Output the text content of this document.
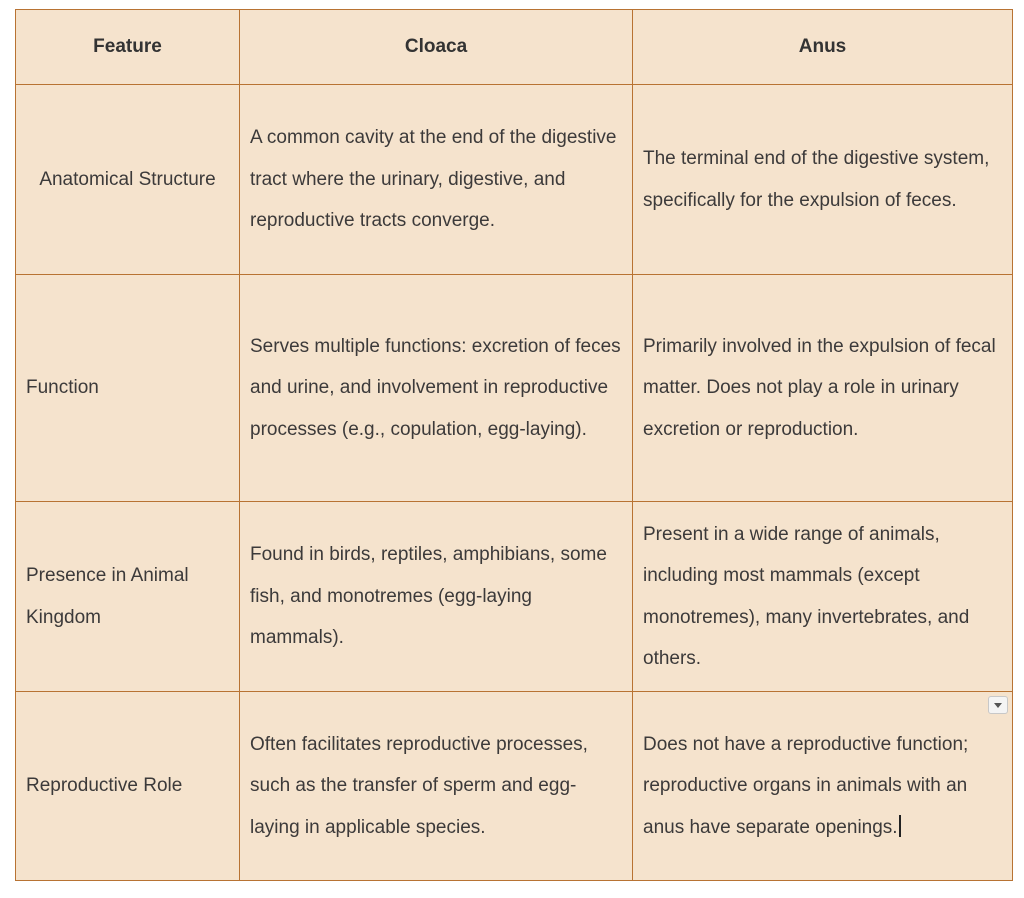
Feature	Cloaca	Anus
Anatomical Structure	A common cavity at the end of the digestive tract where the urinary, digestive, and reproductive tracts converge.	The terminal end of the digestive system, specifically for the expulsion of feces.
Function	Serves multiple functions: excretion of feces and urine, and involvement in reproductive processes (e.g., copulation, egg-laying).	Primarily involved in the expulsion of fecal matter. Does not play a role in urinary excretion or reproduction.
Presence in Animal Kingdom	Found in birds, reptiles, amphibians, some fish, and monotremes (egg-laying mammals).	Present in a wide range of animals, including most mammals (except monotremes), many invertebrates, and others.
Reproductive Role	Often facilitates reproductive processes, such as the transfer of sperm and egg-laying in applicable species.	Does not have a reproductive function; reproductive organs in animals with an anus have separate openings.
